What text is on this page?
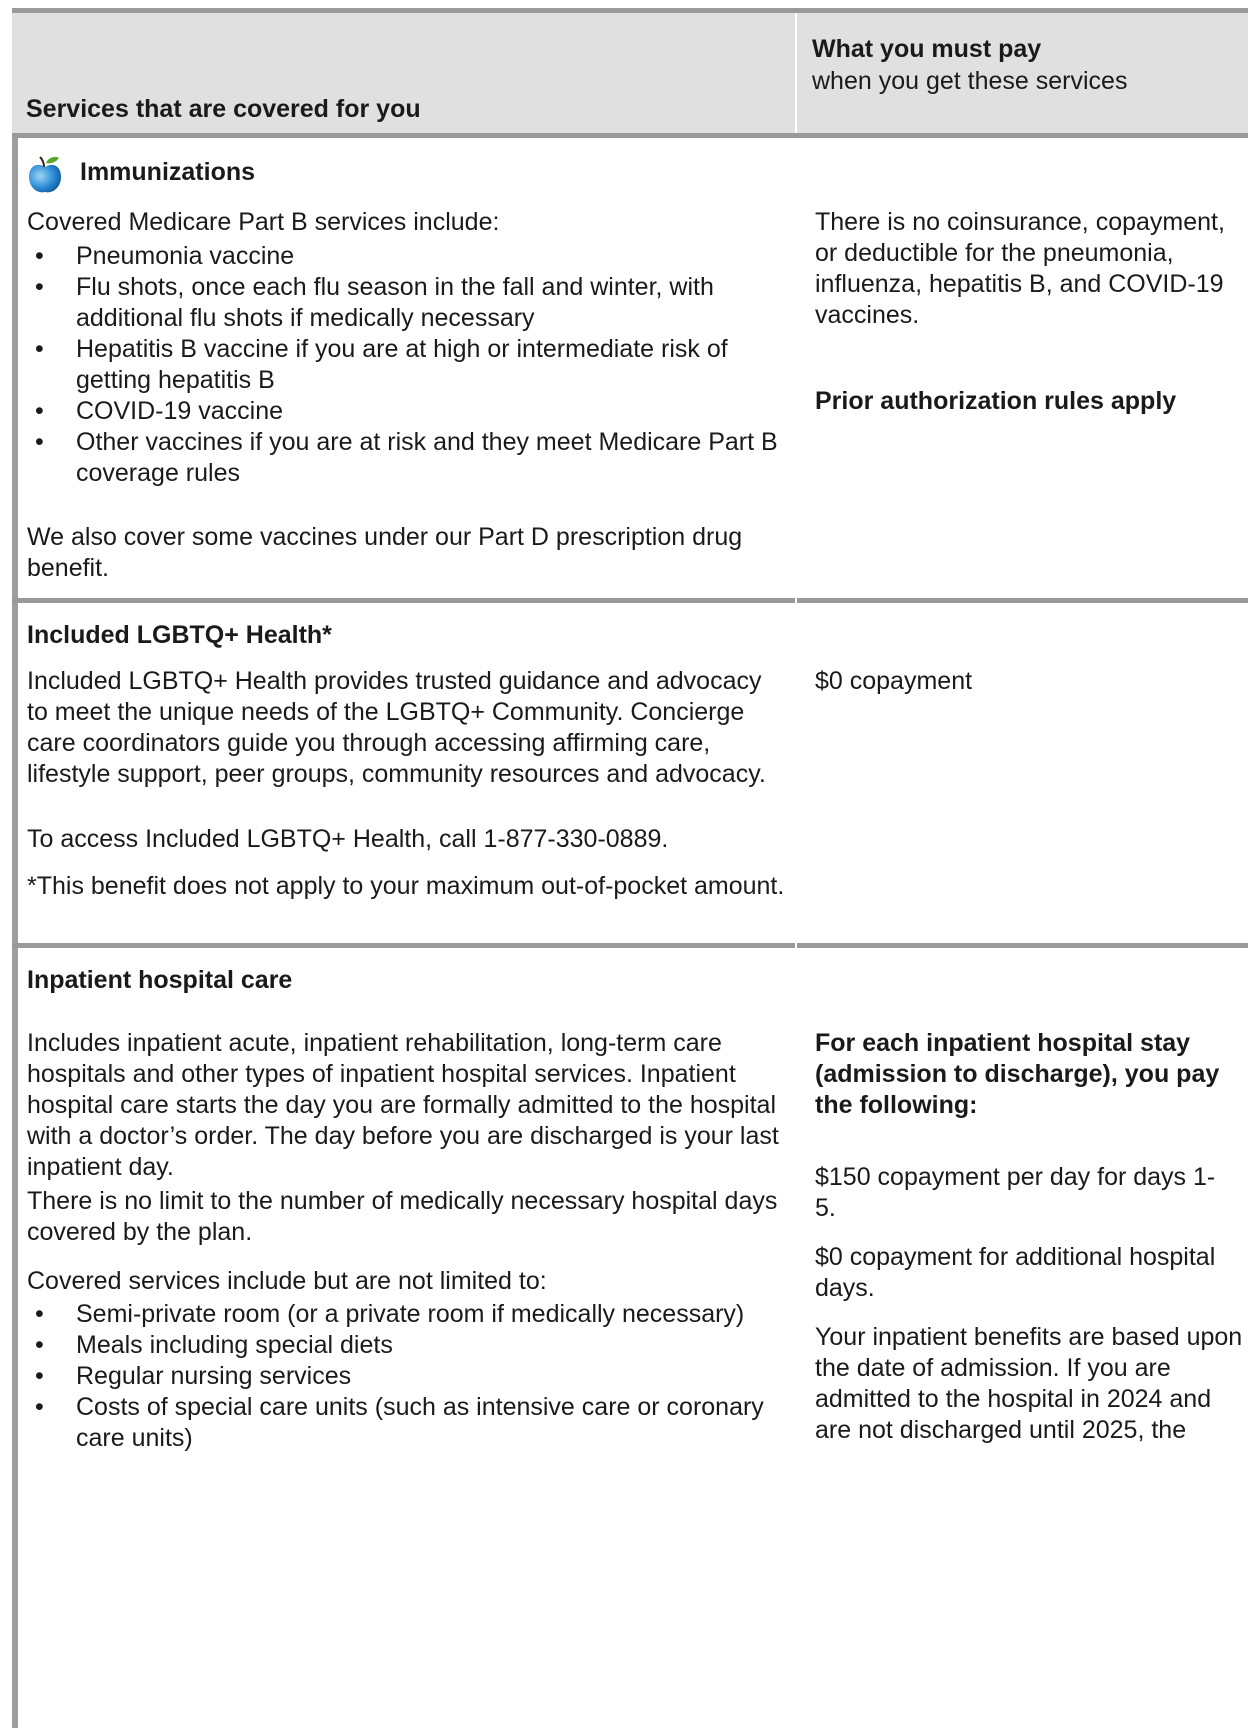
Services that are covered for you
What you must pay
when you get these services
Immunizations
Covered Medicare Part B services include:
• Pneumonia vaccine
• Flu shots, once each flu season in the fall and winter, with additional flu shots if medically necessary
• Hepatitis B vaccine if you are at high or intermediate risk of getting hepatitis B
• COVID-19 vaccine
• Other vaccines if you are at risk and they meet Medicare Part B coverage rules
We also cover some vaccines under our Part D prescription drug benefit.
There is no coinsurance, copayment, or deductible for the pneumonia, influenza, hepatitis B, and COVID-19 vaccines.
Prior authorization rules apply
Included LGBTQ+ Health*
Included LGBTQ+ Health provides trusted guidance and advocacy to meet the unique needs of the LGBTQ+ Community. Concierge care coordinators guide you through accessing affirming care, lifestyle support, peer groups, community resources and advocacy.
To access Included LGBTQ+ Health, call 1-877-330-0889.
*This benefit does not apply to your maximum out-of-pocket amount.
$0 copayment
Inpatient hospital care
Includes inpatient acute, inpatient rehabilitation, long-term care hospitals and other types of inpatient hospital services. Inpatient hospital care starts the day you are formally admitted to the hospital with a doctor’s order. The day before you are discharged is your last inpatient day.
There is no limit to the number of medically necessary hospital days covered by the plan.
Covered services include but are not limited to:
• Semi-private room (or a private room if medically necessary)
• Meals including special diets
• Regular nursing services
• Costs of special care units (such as intensive care or coronary care units)
For each inpatient hospital stay (admission to discharge), you pay the following:
$150 copayment per day for days 1-5.
$0 copayment for additional hospital days.
Your inpatient benefits are based upon the date of admission. If you are admitted to the hospital in 2024 and are not discharged until 2025, the
